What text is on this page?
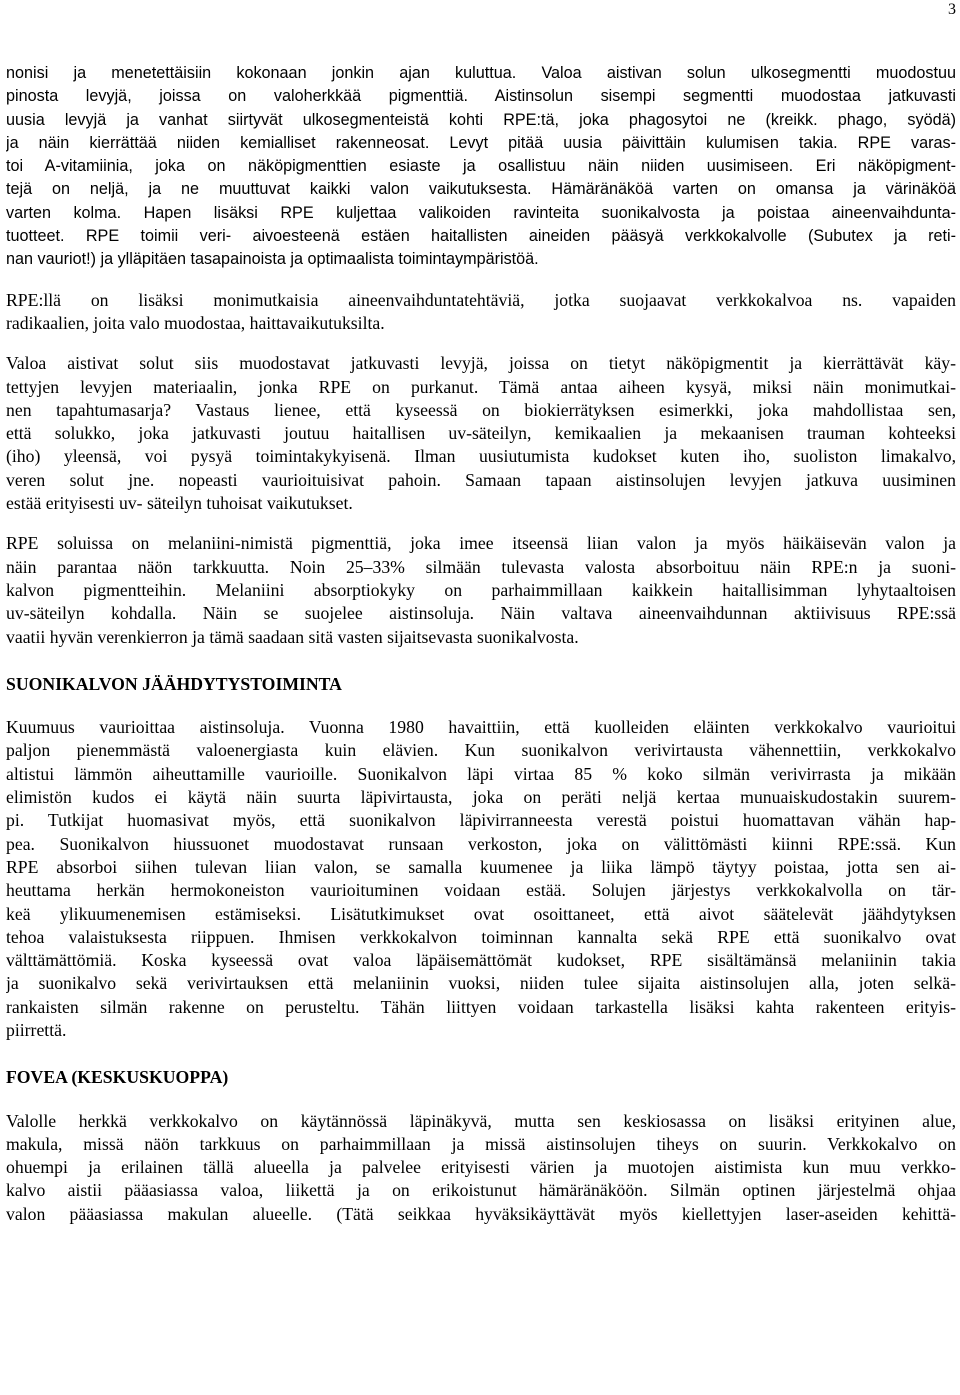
3
nonisi ja menetettäisiin kokonaan jonkin ajan kuluttua. Valoa aistivan solun ulkosegmentti muodostuu
pinosta levyjä, joissa on valoherkkää pigmenttiä. Aistinsolun sisempi segmentti muodostaa jatkuvasti
uusia levyjä ja vanhat siirtyvät ulkosegmenteistä kohti RPE:tä, joka phagosytoi ne (kreikk. phago, syödä)
ja näin kierrättää niiden kemialliset rakenneosat. Levyt pitää uusia päivittäin kulumisen takia. RPE varas-
toi A-vitamiinia, joka on näköpigmenttien esiaste ja osallistuu näin niiden uusimiseen. Eri näköpigment-
tejä on neljä, ja ne muuttuvat kaikki valon vaikutuksesta. Hämäränäköä varten on omansa ja värinäköä
varten kolma. Hapen lisäksi RPE kuljettaa valikoiden ravinteita suonikalvosta ja poistaa aineenvaihdunta-
tuotteet. RPE toimii veri- aivoesteenä estäen haitallisten aineiden pääsyä verkkokalvolle (Subutex ja reti-
nan vauriot!) ja ylläpitäen tasapainoista ja optimaalista toimintaympäristöä.
RPE:llä on lisäksi monimutkaisia aineenvaihduntatehtäviä, jotka suojaavat verkkokalvoa ns. vapaiden
radikaalien, joita valo muodostaa, haittavaikutuksilta.
Valoa aistivat solut siis muodostavat jatkuvasti levyjä, joissa on tietyt näköpigmentit ja kierrättävät käy-
tettyjen levyjen materiaalin, jonka RPE on purkanut. Tämä antaa aiheen kysyä, miksi näin monimutkai-
nen tapahtumasarja? Vastaus lienee, että kyseessä on biokierrätyksen esimerkki, joka mahdollistaa sen,
että solukko, joka jatkuvasti joutuu haitallisen uv-säteilyn, kemikaalien ja mekaanisen trauman kohteeksi
(iho) yleensä, voi pysyä toimintakykyisenä. Ilman uusiutumista kudokset kuten iho, suoliston limakalvo,
veren solut jne. nopeasti vaurioituisivat pahoin. Samaan tapaan aistinsolujen levyjen jatkuva uusiminen
estää erityisesti uv- säteilyn tuhoisat vaikutukset.
RPE soluissa on melaniini-nimistä pigmenttiä, joka imee itseensä liian valon ja myös häikäisevän valon ja
näin parantaa näön tarkkuutta. Noin 25–33% silmään tulevasta valosta absorboituu näin RPE:n ja suoni-
kalvon pigmentteihin. Melaniini absorptiokyky on parhaimmillaan kaikkein haitallisimman lyhytaaltoisen
uv-säteilyn kohdalla. Näin se suojelee aistinsoluja. Näin valtava aineenvaihdunnan aktiivisuus RPE:ssä
vaatii hyvän verenkierron ja tämä saadaan sitä vasten sijaitsevasta suonikalvosta.
SUONIKALVON JÄÄHDYTYSTOIMINTA
Kuumuus vaurioittaa aistinsoluja. Vuonna 1980 havaittiin, että kuolleiden eläinten verkkokalvo vaurioitui
paljon pienemmästä valoenergiasta kuin elävien. Kun suonikalvon verivirtausta vähennettiin, verkkokalvo
altistui lämmön aiheuttamille vaurioille. Suonikalvon läpi virtaa 85 % koko silmän verivirrasta ja mikään
elimistön kudos ei käytä näin suurta läpivirtausta, joka on peräti neljä kertaa munuaiskudostakin suurem-
pi. Tutkijat huomasivat myös, että suonikalvon läpivirranneesta verestä poistui huomattavan vähän hap-
pea. Suonikalvon hiussuonet muodostavat runsaan verkoston, joka on välittömästi kiinni RPE:ssä. Kun
RPE absorboi siihen tulevan liian valon, se samalla kuumenee ja liika lämpö täytyy poistaa, jotta sen ai-
heuttama herkän hermokoneiston vaurioituminen voidaan estää. Solujen järjestys verkkokalvolla on tär-
keä ylikuumenemisen estämiseksi. Lisätutkimukset ovat osoittaneet, että aivot säätelevät jäähdytyksen
tehoa valaistuksesta riippuen. Ihmisen verkkokalvon toiminnan kannalta sekä RPE että suonikalvo ovat
välttämättömiä. Koska kyseessä ovat valoa läpäisemättömät kudokset, RPE sisältämänsä melaniinin takia
ja suonikalvo sekä verivirtauksen että melaniinin vuoksi, niiden tulee sijaita aistinsolujen alla, joten selkä-
rankaisten silmän rakenne on perusteltu. Tähän liittyen voidaan tarkastella lisäksi kahta rakenteen erityis-
piirrettä.
FOVEA (KESKUSKUOPPA)
Valolle herkkä verkkokalvo on käytännössä läpinäkyvä, mutta sen keskiosassa on lisäksi erityinen alue,
makula, missä näön tarkkuus on parhaimmillaan ja missä aistinsolujen tiheys on suurin. Verkkokalvo on
ohuempi ja erilainen tällä alueella ja palvelee erityisesti värien ja muotojen aistimista kun muu verkko-
kalvo aistii pääasiassa valoa, liikettä ja on erikoistunut hämäränäköön. Silmän optinen järjestelmä ohjaa
valon pääasiassa makulan alueelle. (Tätä seikkaa hyväksikäyttävät myös kiellettyjen laser-aseiden kehittä-
